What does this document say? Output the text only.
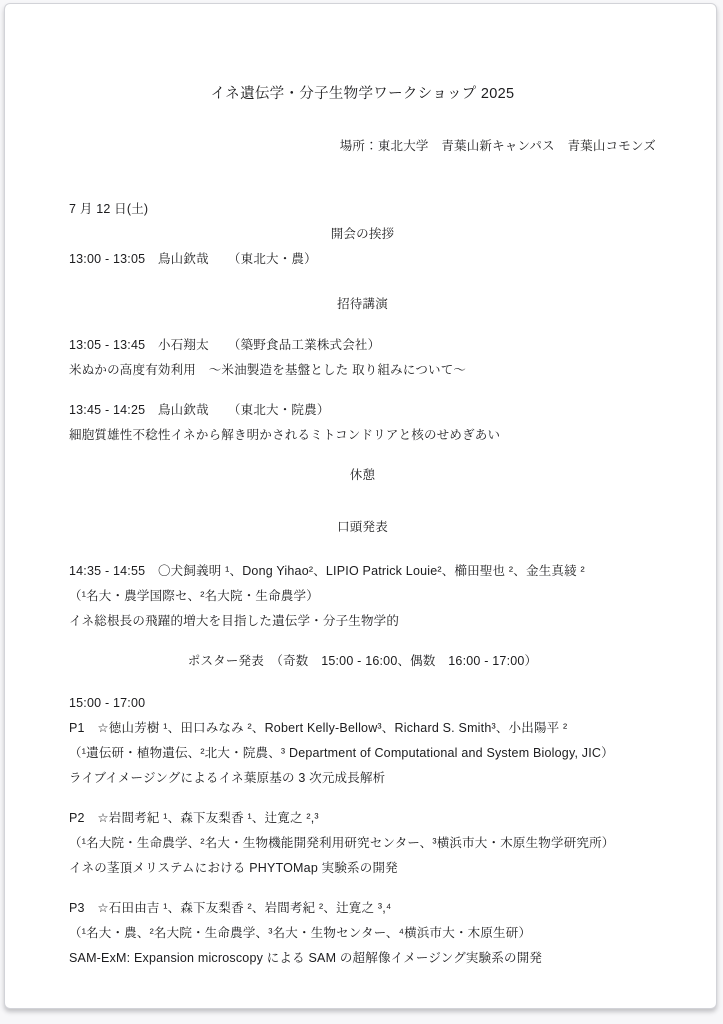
イネ遺伝学・分子生物学ワークショップ 2025
場所：東北大学　青葉山新キャンパス　青葉山コモンズ
7 月 12 日(土)
開会の挨拶
13:00 - 13:05　鳥山欽哉　　（東北大・農）
招待講演
13:05 - 13:45　小石翔太　　（築野食品工業株式会社）
米ぬかの高度有効利用　～米油製造を基盤とした 取り組みについて～
13:45 - 14:25　鳥山欽哉　　（東北大・院農）
細胞質雄性不稔性イネから解き明かされるミトコンドリアと核のせめぎあい
休憩
口頭発表
14:35 - 14:55　〇犬飼義明 ¹、Dong Yihao²、LIPIO Patrick Louie²、櫛田聖也 ²、金生真綾 ²
（¹名大・農学国際セ、²名大院・生命農学）
イネ総根長の飛躍的増大を目指した遺伝学・分子生物学的
ポスター発表　（奇数　15:00 - 16:00、偶数　16:00 - 17:00）
15:00 - 17:00
P1　☆徳山芳樹 ¹、田口みなみ ²、Robert Kelly-Bellow³、Richard S. Smith³、小出陽平 ²
（¹遺伝研・植物遺伝、²北大・院農、³ Department of Computational and System Biology, JIC）
ライブイメージングによるイネ葉原基の 3 次元成長解析
P2　☆岩間考紀 ¹、森下友梨香 ¹、辻寛之 ²,³
（¹名大院・生命農学、²名大・生物機能開発利用研究センター、³横浜市大・木原生物学研究所）
イネの茎頂メリステムにおける PHYTOMap 実験系の開発
P3　☆石田由吉 ¹、森下友梨香 ²、岩間考紀 ²、辻寛之 ³,⁴
（¹名大・農、²名大院・生命農学、³名大・生物センター、⁴横浜市大・木原生研）
SAM-ExM: Expansion microscopy による SAM の超解像イメージング実験系の開発
